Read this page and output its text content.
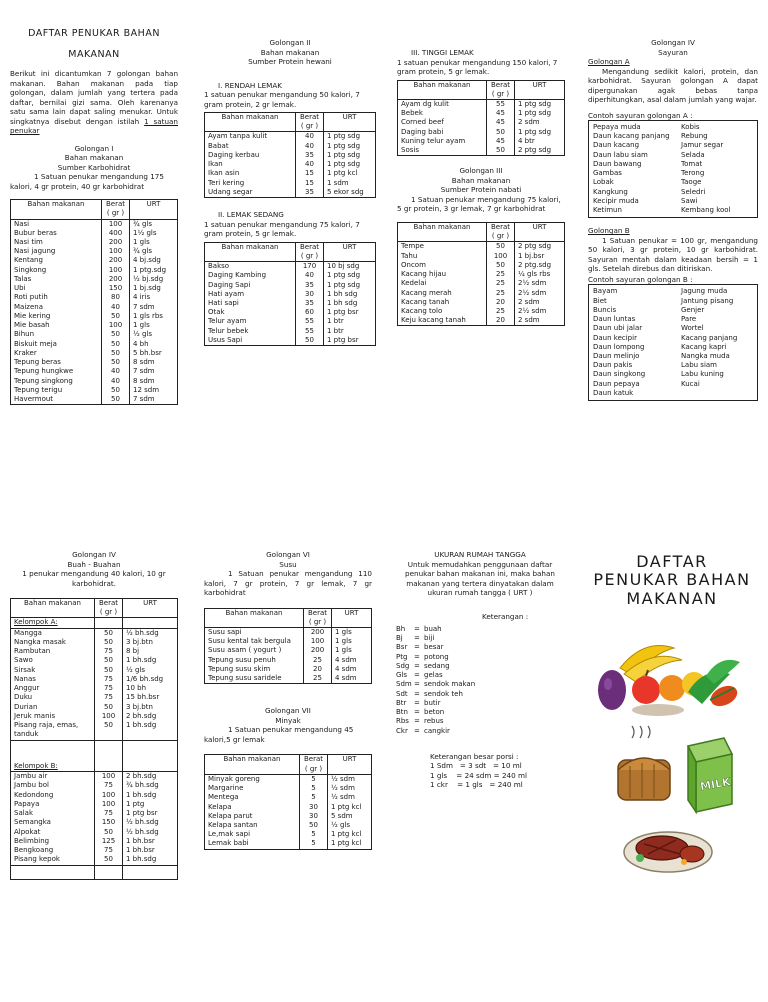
DAFTAR PENUKAR BAHAN
MAKANAN

Berikut ini dicantumkan 7 golongan bahan makanan. Bahan makanan pada tiap golongan, dalam jumlah yang tertera pada daftar, bernilai gizi sama. Oleh karenanya satu sama lain dapat saling menukar. Untuk singkatnya disebut dengan istilah 1 satuan penukar

Golongan I
Bahan makanan
Sumber Karbohidrat

1 Satuan penukar mengandung 175 kalori, 4 gr protein, 40 gr karbohidrat

Bahan makanan	Berat ( gr )	URT
Nasi	100	¾ gls
Bubur beras	400	1½ gls
Nasi tim	200	1 gls
Nasi jagung	100	¾ gls
Kentang	200	4 bj.sdg
Singkong	100	1 ptg.sdg
Talas	200	½ bj.sdg
Ubi	150	1 bj.sdg
Roti putih	80	4 iris
Maizena	40	7 sdm
Mie kering	50	1 gls rbs
Mie basah	100	1 gls
Bihun	50	½ gls
Biskuit meja	50	4 bh
Kraker	50	5 bh.bsr
Tepung beras	50	8 sdm
Tepung hungkwe	40	7 sdm
Tepung singkong	40	8 sdm
Tepung terigu	50	12 sdm
Havermout	50	7 sdm
Golongan II
Bahan makanan
Sumber Protein hewani
I. RENDAH LEMAK

1 satuan penukar mengandung 50 kalori, 7 gram protein, 2 gr lemak.

Bahan makanan	Berat ( gr )	URT
Ayam tanpa kulit	40	1 ptg sdg
Babat	40	1 ptg sdg
Daging kerbau	35	1 ptg sdg
Ikan	40	1 ptg sdg
Ikan asin	15	1 ptg kcl
Teri kering	15	1 sdm
Udang segar	35	5 ekor sdg
II. LEMAK SEDANG

1 satuan penukar mengandung 75 kalori, 7 gram protein, 5 gr lemak.

Bahan makanan	Berat ( gr )	URT
Bakso	170	10 bj sdg
Daging Kambing	40	1 ptg sdg
Daging Sapi	35	1 ptg sdg
Hati ayam	30	1 bh sdg
Hati sapi	35	1 bh sdg
Otak	60	1 ptg bsr
Telur ayam	55	1 btr
Telur bebek	55	1 btr
Usus Sapi	50	1 ptg bsr
III. TINGGI LEMAK

1 satuan penukar mengandung 150 kalori, 7 gram protein, 5 gr lemak.

Bahan makanan	Berat ( gr )	URT
Ayam dg kulit	55	1 ptg sdg
Bebek	45	1 ptg sdg
Corned beef	45	2 sdm
Daging babi	50	1 ptg sdg
Kuning telur ayam	45	4 btr
Sosis	50	2 ptg sdg
Golongan III
Bahan makanan
Sumber Protein nabati

1 Satuan penukar mengandung 75 kalori, 5 gr protein, 3 gr lemak, 7 gr karbohidrat

Bahan makanan	Berat ( gr )	URT
Tempe	50	2 ptg sdg
Tahu	100	1 bj.bsr
Oncom	50	2 ptg.sdg
Kacang hijau	25	¼ gls rbs
Kedelai	25	2½ sdm
Kacang merah	25	2½ sdm
Kacang tanah	20	2 sdm
Kacang tolo	25	2½ sdm
Keju kacang tanah	20	2 sdm
Golongan IV
Sayuran
Golongan A

Mengandung sedikit kalori, protein, dan karbohidrat. Sayuran golongan A dapat dipergunakan agak bebas tanpa diperhitungkan, asal dalam jumlah yang wajar.

Contoh sayuran golongan A :
Pepaya muda	Kobis
Daun kacang panjang	Rebung
Daun kacang	Jamur segar
Daun labu siam	Selada
Daun bawang	Tomat
Gambas	Terong
Lobak	Taoge
Kangkung	Seledri
Kecipir muda	Sawi
Ketimun	Kembang kool
Golongan B

1 Satuan penukar = 100 gr, mengandung 50 kalori, 3 gr protein, 10 gr karbohidrat. Sayuran mentah dalam keadaan bersih = 1 gls. Setelah direbus dan ditiriskan.

Contoh sayuran golongan B :
Bayam	Jagung muda
Biet	Jantung pisang
Buncis	Genjer
Daun luntas	Pare
Daun ubi jalar	Wortel
Daun kecipir	Kacang panjang
Daun lompong	Kacang kapri
Daun melinjo	Nangka muda
Daun pakis	Labu siam
Daun singkong	Labu kuning
Daun pepaya	Kucai
Daun katuk
Golongan IV
Buah - Buahan

1 penukar mengandung 40 kalori, 10 gr karbohidrat.

Bahan makanan	Berat ( gr )	URT
Kelompok A:		
Mangga	50	½ bh.sdg
Nangka masak	50	3 bj.btn
Rambutan	75	8 bj
Sawo	50	1 bh.sdg
Sirsak	50	½ gls
Nanas	75	1/6 bh.sdg
Anggur	75	10 bh
Duku	75	15 bh.bsr
Durian	50	3 bj.btn
Jeruk manis	100	2 bh.sdg
Pisang raja, emas, tanduk	50	1 bh.sdg

Kelompok B:		
Jambu air	100	2 bh.sdg
Jambu bol	75	¾ bh.sdg
Kedondong	100	1 bh.sdg
Papaya	100	1 ptg
Salak	75	1 ptg bsr
Semangka	150	½ bh.sdg
Alpokat	50	½ bh.sdg
Belimbing	125	1 bh.bsr
Bengkoang	75	1 bh.bsr
Pisang kepok	50	1 bh.sdg

Golongan VI
Susu

1 Satuan penukar mengandung 110 kalori, 7 gr protein, 7 gr lemak, 7 gr karbohidrat

Bahan makanan	Berat ( gr )	URT
Susu sapi	200	1 gls
Susu kental tak bergula	100	1 gls
Susu asam ( yogurt )	200	1 gls
Tepung susu penuh	25	4 sdm
Tepung susu skim	20	4 sdm
Tepung susu saridele	25	4 sdm
Golongan VII
Minyak

1 Satuan penukar mengandung 45 kalori,5 gr lemak

Bahan makanan	Berat ( gr )	URT
Minyak goreng	5	½ sdm
Margarine	5	½ sdm
Mentega	5	½ sdm
Kelapa	30	1 ptg kcl
Kelapa parut	30	5 sdm
Kelapa santan	50	½ gls
Le,mak sapi	5	1 ptg kcl
Lemak babi	5	1 ptg kcl
UKURAN RUMAH TANGGA

Untuk memudahkan penggunaan daftar penukar bahan makanan ini, maka bahan makanan yang tertera dinyatakan dalam ukuran rumah tangga ( URT )

Keterangan :
Bh	= buah
Bj	= biji
Bsr = besar
Ptg = potong
Sdg = sedang
Gls = gelas
Sdm = sendok makan
Sdt = sendok teh
Btr	= butir
Btn = beton
Rbs = rebus
Ckr = cangkir
Keterangan besar porsi :
1 Sdm   = 3 sdt   = 10 ml
1 gls    = 24 sdm = 240 ml
1 ckr    = 1 gls   = 240 ml
DAFTAR
PENUKAR BAHAN
MAKANAN
MILK
